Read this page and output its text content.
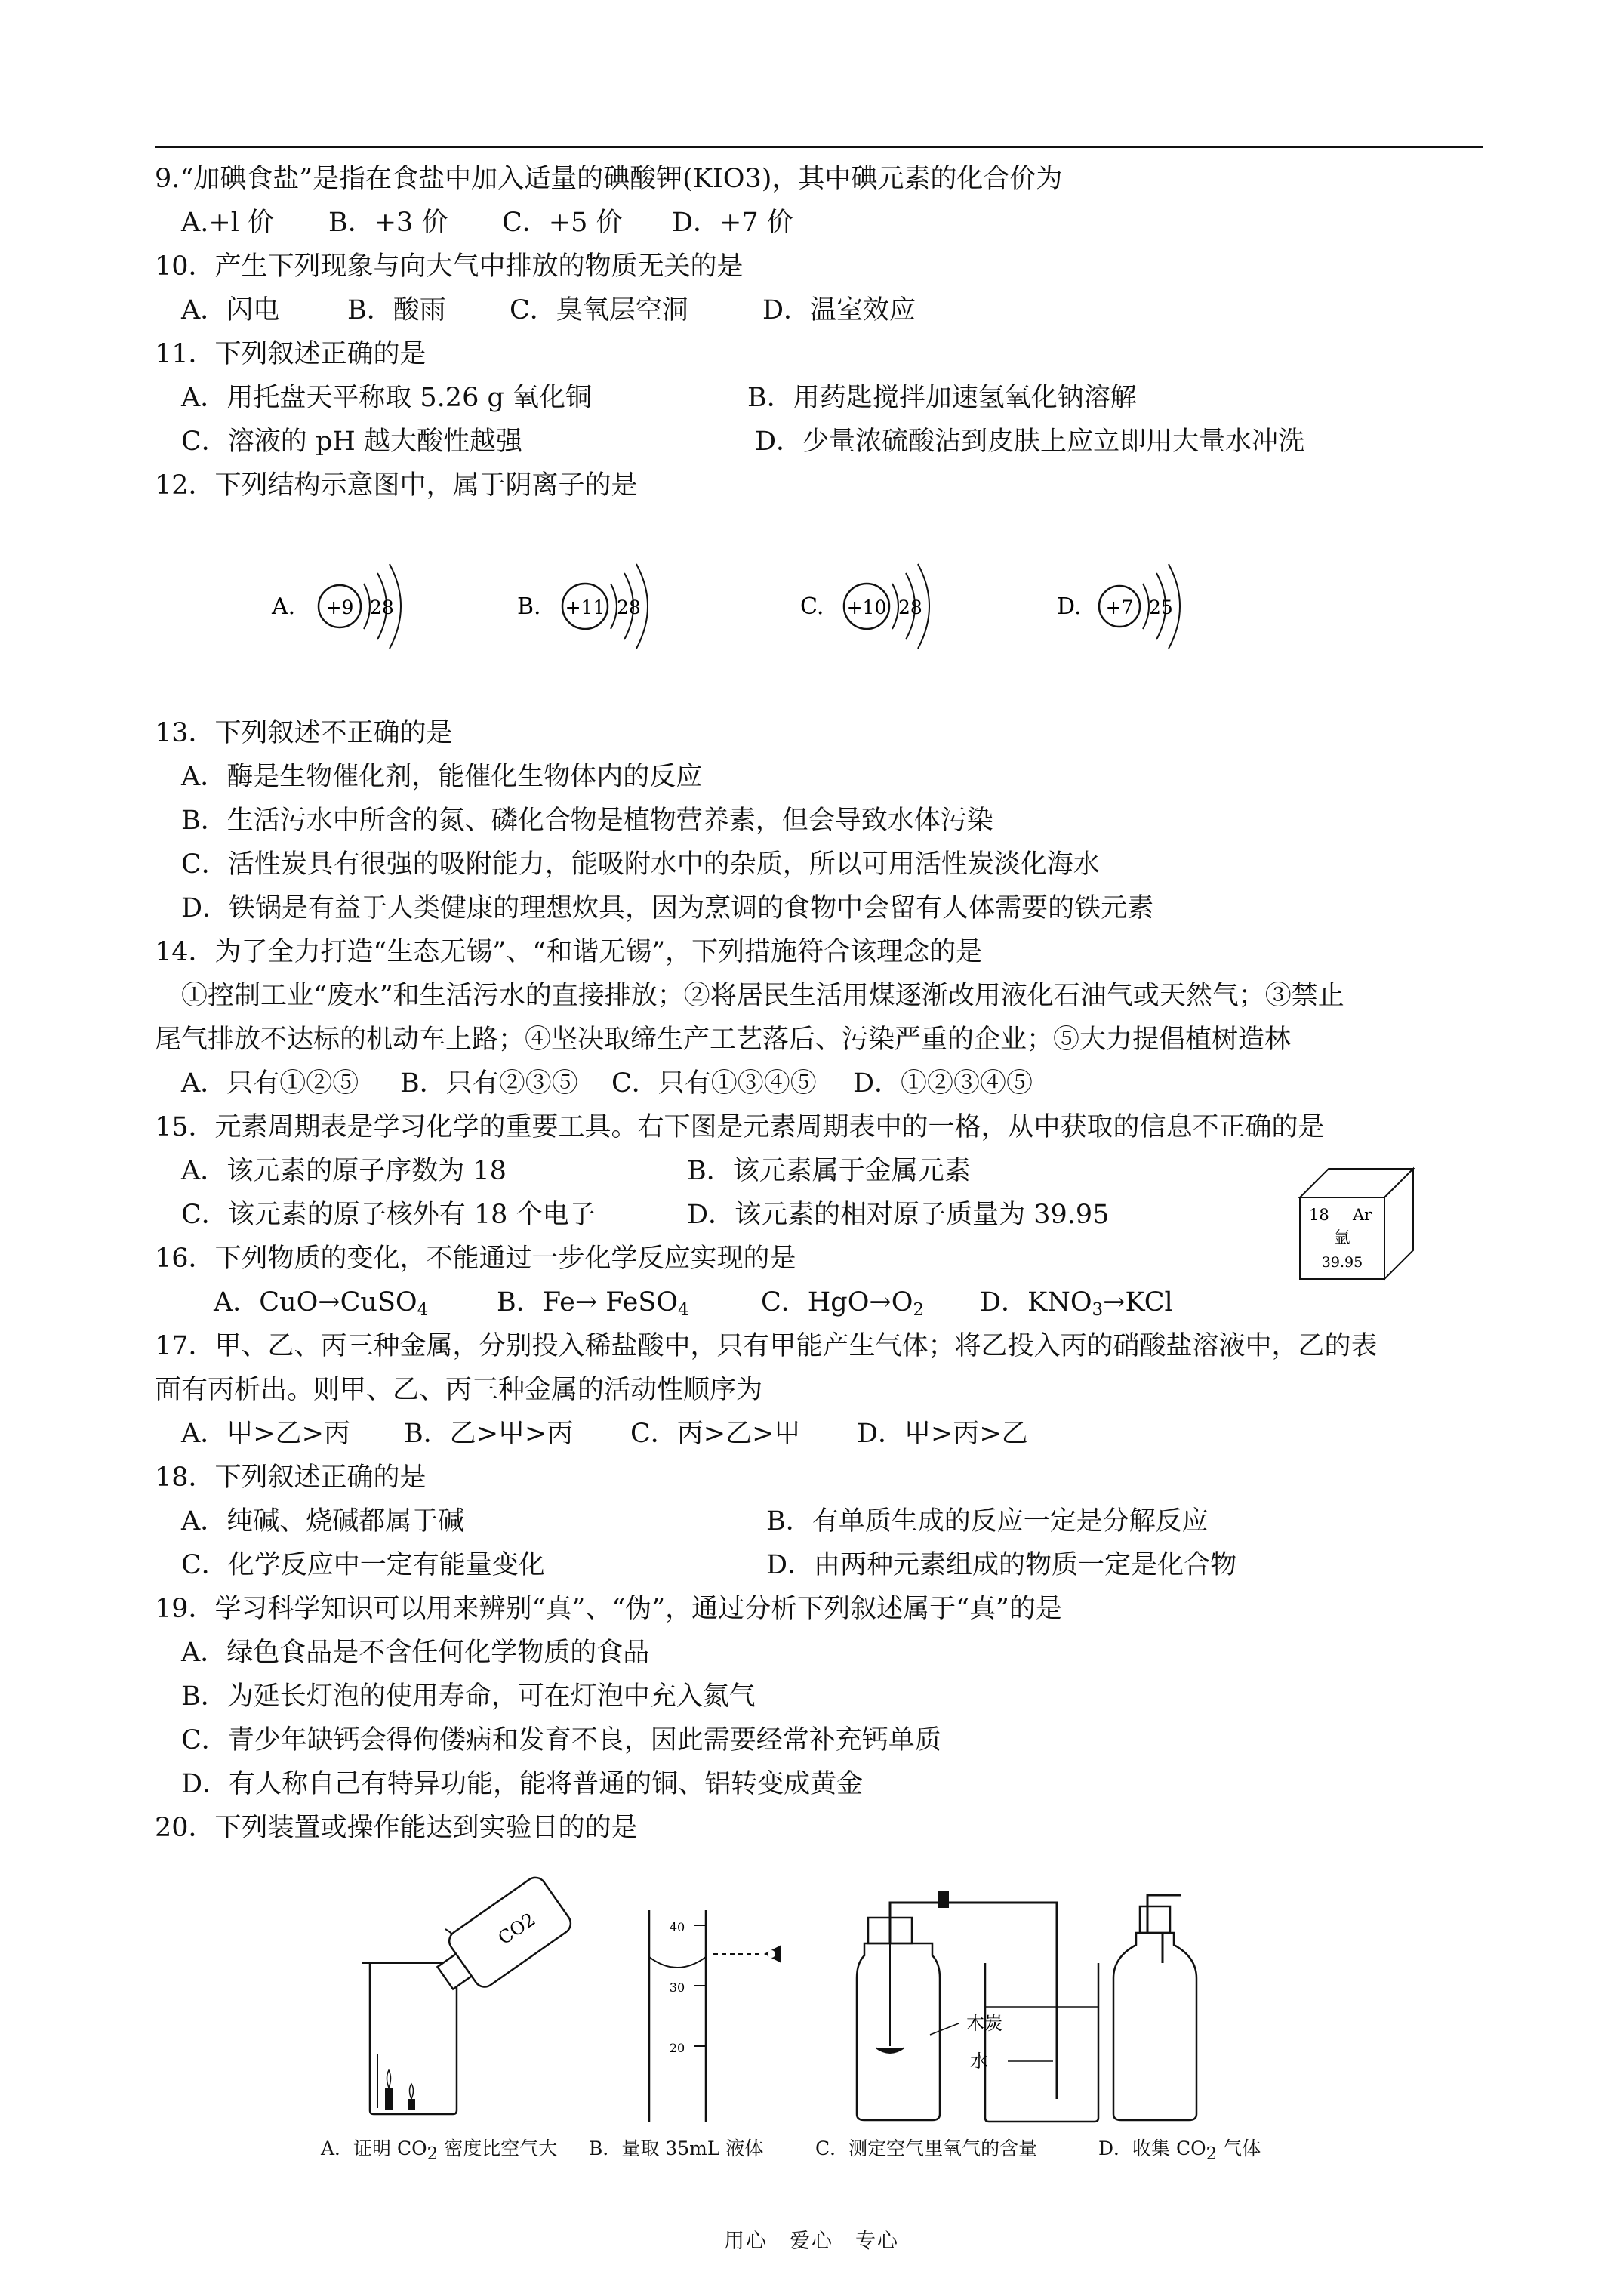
9.“加碘食盐”是指在食盐中加入适量的碘酸钾(KIO3)，其中碘元素的化合价为
A.+l 价 B．+3 价 C．+5 价 D．+7 价
10．产生下列现象与向大气中排放的物质无关的是
A．闪电	B．酸雨 C．臭氧层空洞	D．温室效应
11．下列叙述正确的是
A．用托盘天平称取 5.26 g 氧化铜	B．用药匙搅拌加速氢氧化钠溶解
C．溶液的 pH 越大酸性越强	D．少量浓硫酸沾到皮肤上应立即用大量水冲洗
12．下列结构示意图中，属于阴离子的是
A. +9 28	B. +11 28	C. +10 28	D. +7 25
13．下列叙述不正确的是
A．酶是生物催化剂，能催化生物体内的反应
B．生活污水中所含的氮、磷化合物是植物营养素，但会导致水体污染
C．活性炭具有很强的吸附能力，能吸附水中的杂质，所以可用活性炭淡化海水
D．铁锅是有益于人类健康的理想炊具，因为烹调的食物中会留有人体需要的铁元素
14．为了全力打造“生态无锡”、“和谐无锡”，下列措施符合该理念的是
①控制工业“废水”和生活污水的直接排放；②将居民生活用煤逐渐改用液化石油气或天然气；③禁止
尾气排放不达标的机动车上路；④坚决取缔生产工艺落后、污染严重的企业；⑤大力提倡植树造林
A．只有①②⑤ B．只有②③⑤ C．只有①③④⑤ D．①②③④⑤
15．元素周期表是学习化学的重要工具。右下图是元素周期表中的一格，从中获取的信息不正确的是
A．该元素的原子序数为 18	B．该元素属于金属元素
C．该元素的原子核外有 18 个电子	D．该元素的相对原子质量为 39.95	18 Ar
氩
39.95
16．下列物质的变化，不能通过一步化学反应实现的是
A．CuO→CuSO$_4$	B．Fe→ FeSO$_4$	C．$HgO\to O_2$ D．$KNO_3\to KCl$
17．甲、乙、丙三种金属，分别投入稀盐酸中，只有甲能产生气体；将乙投入丙的硝酸盐溶液中，乙的表
面有丙析出。则甲、乙、丙三种金属的活动性顺序为
A．甲>乙>丙 B．乙>甲>丙 C．丙>乙>甲 D．甲>丙>乙
18．下列叙述正确的是
A．纯碱、烧碱都属于碱	B．有单质生成的反应一定是分解反应
C．化学反应中一定有能量变化	D．由两种元素组成的物质一定是化合物
19．学习科学知识可以用来辨别“真”、“伪”，通过分析下列叙述属于“真”的是
A．绿色食品是不含任何化学物质的食品
B．为延长灯泡的使用寿命，可在灯泡中充入氮气
C．青少年缺钙会得佝偻病和发育不良，因此需要经常补充钙单质
D．有人称自己有特异功能，能将普通的铜、铝转变成黄金
20．下列装置或操作能达到实验目的的是
CO2	40
30
20
木炭
水
A．证明 $CO_2$ 密度比空气大 B．量取 35mL 液体	C．测定空气里氧气的含量	D．收集 $CO_2$ 气体
用心　爱心　专心
